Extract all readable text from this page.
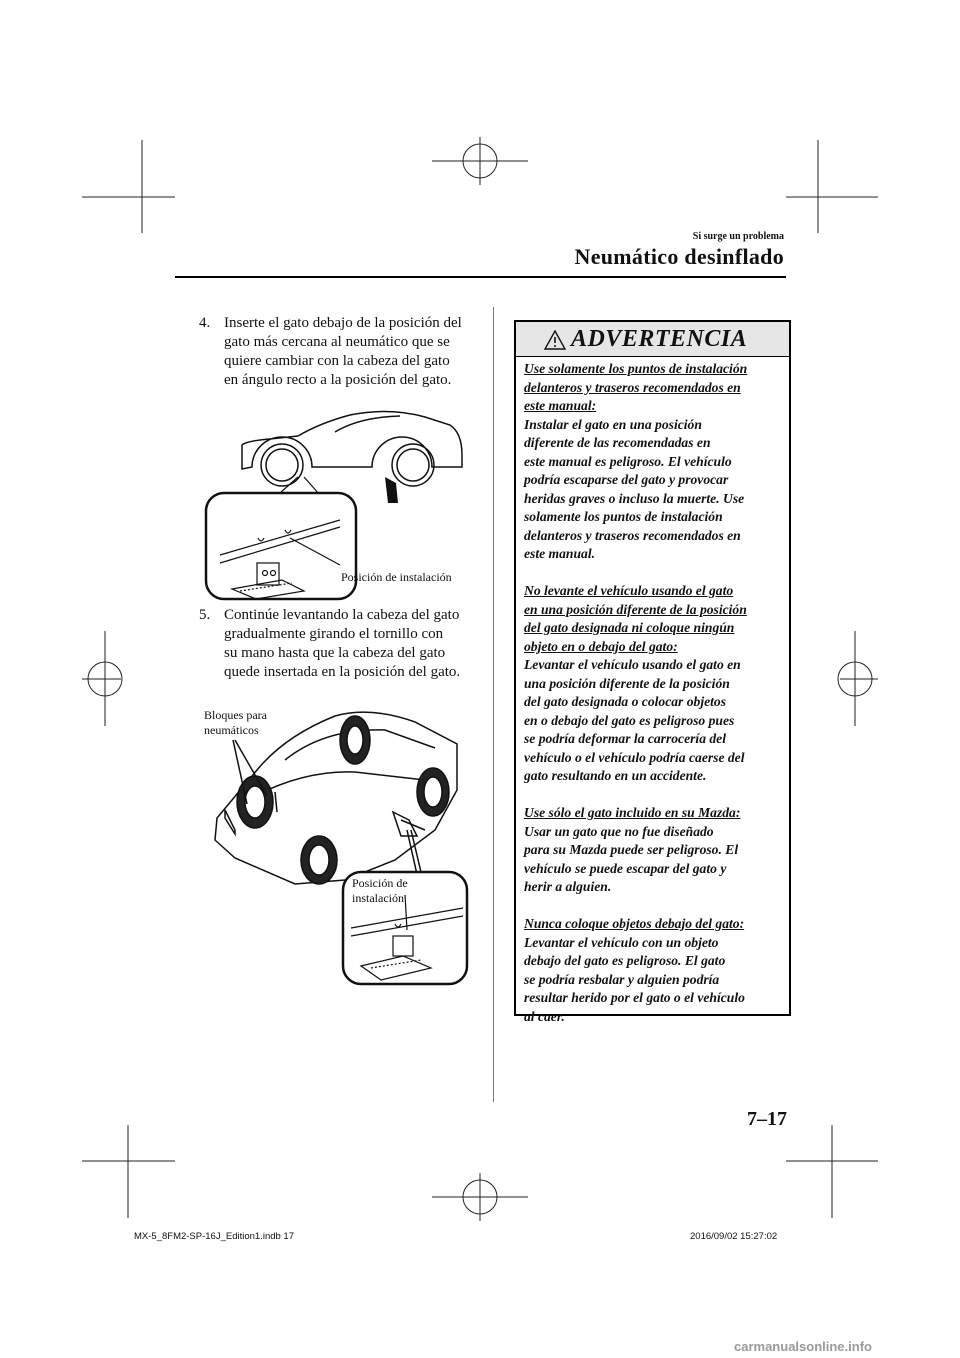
Si surge un problema
Neumático desinflado
4. Inserte el gato debajo de la posición del
gato más cercana al neumático que se
quiere cambiar con la cabeza del gato
en ángulo recto a la posición del gato.
Posición de instalación
5. Continúe levantando la cabeza del gato
gradualmente girando el tornillo con
su mano hasta que la cabeza del gato
quede insertada en la posición del gato.
Bloques para
neumáticos
Posición de
instalación
ADVERTENCIA
Use solamente los puntos de instalación
delanteros y traseros recomendados en
este manual:
Instalar el gato en una posición
diferente de las recomendadas en
este manual es peligroso. El vehículo
podría escaparse del gato y provocar
heridas graves o incluso la muerte. Use
solamente los puntos de instalación
delanteros y traseros recomendados en
este manual.
No levante el vehículo usando el gato
en una posición diferente de la posición
del gato designada ni coloque ningún
objeto en o debajo del gato:
Levantar el vehículo usando el gato en
una posición diferente de la posición
del gato designada o colocar objetos
en o debajo del gato es peligroso pues
se podría deformar la carrocería del
vehículo o el vehículo podría caerse del
gato resultando en un accidente.
Use sólo el gato incluido en su Mazda:
Usar un gato que no fue diseñado
para su Mazda puede ser peligroso. El
vehículo se puede escapar del gato y
herir a alguien.
Nunca coloque objetos debajo del gato:
Levantar el vehículo con un objeto
debajo del gato es peligroso. El gato
se podría resbalar y alguien podría
resultar herido por el gato o el vehículo
al caer.
7–17
MX-5_8FM2-SP-16J_Edition1.indb 17	2016/09/02 15:27:02
carmanualsonline.info
